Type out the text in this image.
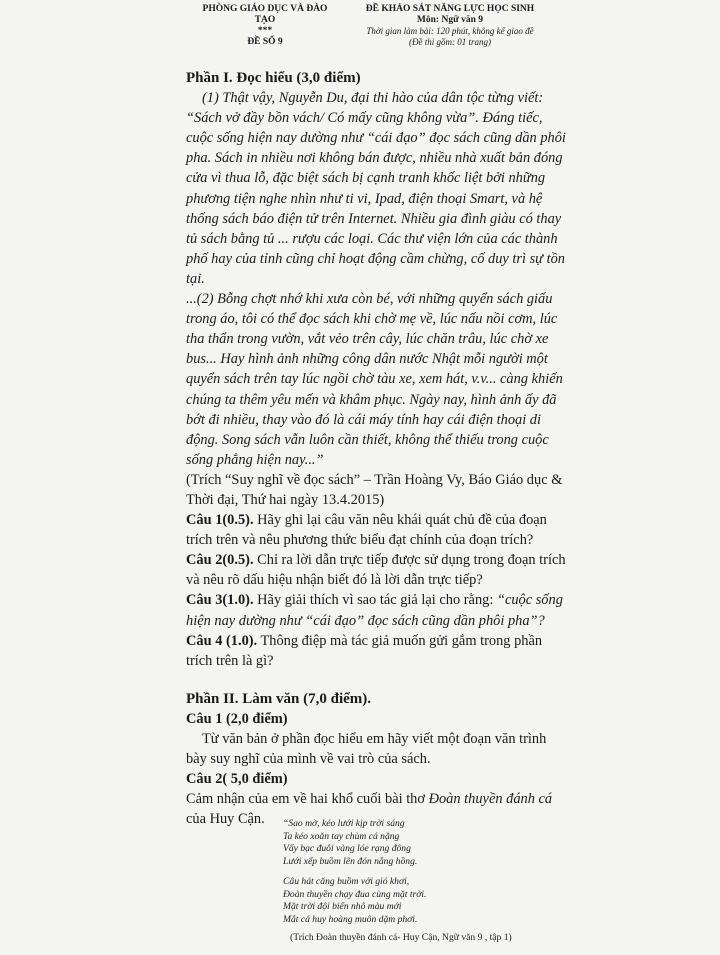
PHÒNG GIÁO DỤC VÀ ĐÀO
TẠO
***
ĐỀ SỐ 9
ĐỀ KHẢO SÁT NĂNG LỰC HỌC SINH
Môn: Ngữ văn 9
Thời gian làm bài: 120 phút, không kể giao đề
(Đề thi gồm: 01 trang)

Phần I. Đọc hiểu (3,0 điểm)

(1) Thật vậy, Nguyễn Du, đại thi hào của dân tộc từng viết: “Sách vở đầy bồn vách/ Có mấy cũng không vừa”. Đáng tiếc, cuộc sống hiện nay dường như “cái đạo” đọc sách cũng dần phôi pha. Sách in nhiều nơi không bán được, nhiều nhà xuất bản đóng cửa vì thua lỗ, đặc biệt sách bị cạnh tranh khốc liệt bởi những phương tiện nghe nhìn như ti vi, Ipad, điện thoại Smart, và hệ thống sách báo điện tử trên Internet. Nhiều gia đình giàu có thay tủ sách bằng tủ ... rượu các loại. Các thư viện lớn của các thành phố hay của tỉnh cũng chỉ hoạt động cầm chừng, cố duy trì sự tồn tại.

...(2) Bỗng chợt nhớ khi xưa còn bé, với những quyển sách giấu trong áo, tôi có thể đọc sách khi chờ mẹ về, lúc nấu nồi cơm, lúc tha thẩn trong vườn, vắt vẻo trên cây, lúc chăn trâu, lúc chờ xe bus... Hay hình ảnh những công dân nước Nhật mỗi người một quyển sách trên tay lúc ngồi chờ tàu xe, xem hát, v.v... càng khiến chúng ta thêm yêu mến và khâm phục. Ngày nay, hình ảnh ấy đã bớt đi nhiều, thay vào đó là cái máy tính hay cái điện thoại di động. Song sách vẫn luôn cần thiết, không thể thiếu trong cuộc sống phẳng hiện nay...”

(Trích “Suy nghĩ về đọc sách” – Trần Hoàng Vy, Báo Giáo dục & Thời đại, Thứ hai ngày 13.4.2015)

Câu 1(0.5). Hãy ghi lại câu văn nêu khái quát chủ đề của đoạn trích trên và nêu phương thức biểu đạt chính của đoạn trích?

Câu 2(0.5). Chỉ ra lời dẫn trực tiếp được sử dụng trong đoạn trích và nêu rõ dấu hiệu nhận biết đó là lời dẫn trực tiếp?

Câu 3(1.0). Hãy giải thích vì sao tác giả lại cho rằng: “cuộc sống hiện nay dường như “cái đạo” đọc sách cũng dần phôi pha”?

Câu 4 (1.0). Thông điệp mà tác giả muốn gửi gắm trong phần trích trên là gì?

Phần II. Làm văn (7,0 điểm).

Câu 1 (2,0 điểm)

Từ văn bản ở phần đọc hiểu em hãy viết một đoạn văn trình bày suy nghĩ của mình về vai trò của sách.

Câu 2( 5,0 điểm)

Cảm nhận của em về hai khổ cuối bài thơ Đoàn thuyền đánh cá của Huy Cận.	“Sao mờ, kéo lưới kịp trời sáng
Ta kéo xoăn tay chùm cá nặng
Vẩy bạc đuôi vàng lóe rạng đông
Lưới xếp buồm lên đón nắng hồng.
Câu hát căng buồm với gió khơi,
Đoàn thuyền chạy đua cùng mặt trời.
Mặt trời đội biển nhô màu mới
Mắt cá huy hoàng muôn dặm phơi.
(Trích Đoàn thuyền đánh cá- Huy Cận, Ngữ văn 9 , tập 1)
